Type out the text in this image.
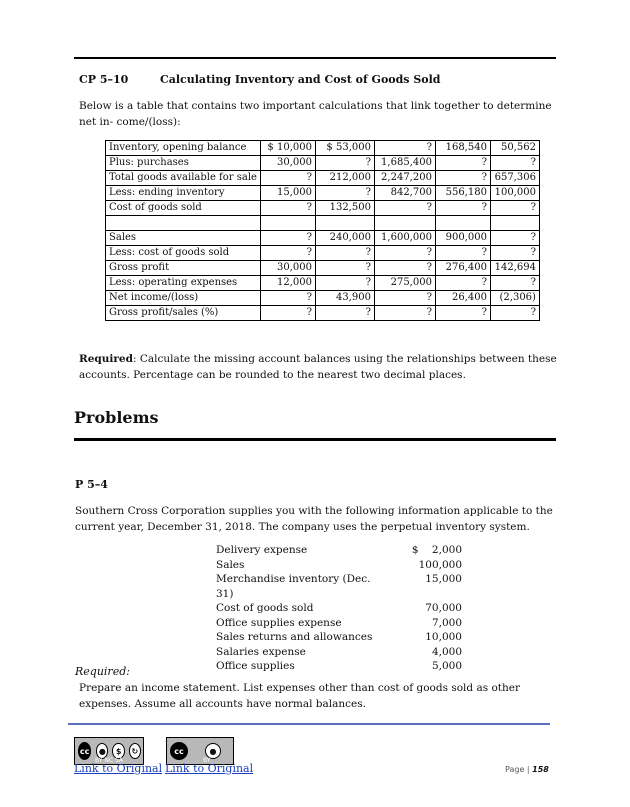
CP 5–10	Calculating Inventory and Cost of Goods Sold
Below is a table that contains two important calculations that link together to determine
net in- come/(loss):
Inventory, opening balance	$ 10,000	$ 53,000	?	168,540	50,562
Plus: purchases	30,000	?	1,685,400	?	?
Total goods available for sale	?	212,000	2,247,200	?	657,306
Less: ending inventory	15,000	?	842,700	556,180	100,000
Cost of goods sold	?	132,500	?	?	?

Sales	?	240,000	1,600,000	900,000	?
Less: cost of goods sold	?	?	?	?	?
Gross profit	30,000	?	?	276,400	142,694
Less: operating expenses	12,000	?	275,000	?	?
Net income/(loss)	?	43,900	?	26,400	(2,306)
Gross profit/sales (%)	?	?	?	?	?
Required: Calculate the missing account balances using the relationships between these
accounts. Percentage can be rounded to the nearest two decimal places.
Problems
P 5–4
Southern Cross Corporation supplies you with the following information applicable to the
current year, December 31, 2018. The company uses the perpetual inventory system.
Delivery expense	$    2,000
Sales	100,000
Merchandise inventory (Dec. 31)
15,000
Cost of goods sold	70,000
Office supplies expense	7,000
Sales returns and allowances	10,000
Salaries expense	4,000
Office supplies	5,000
Required:
Prepare an income statement. List expenses other than cost of goods sold as other
expenses. Assume all accounts have normal balances.
cc	●	$	↻
BY NC SA
cc	●
BY
Link to Original Link to Original	Page | 158
